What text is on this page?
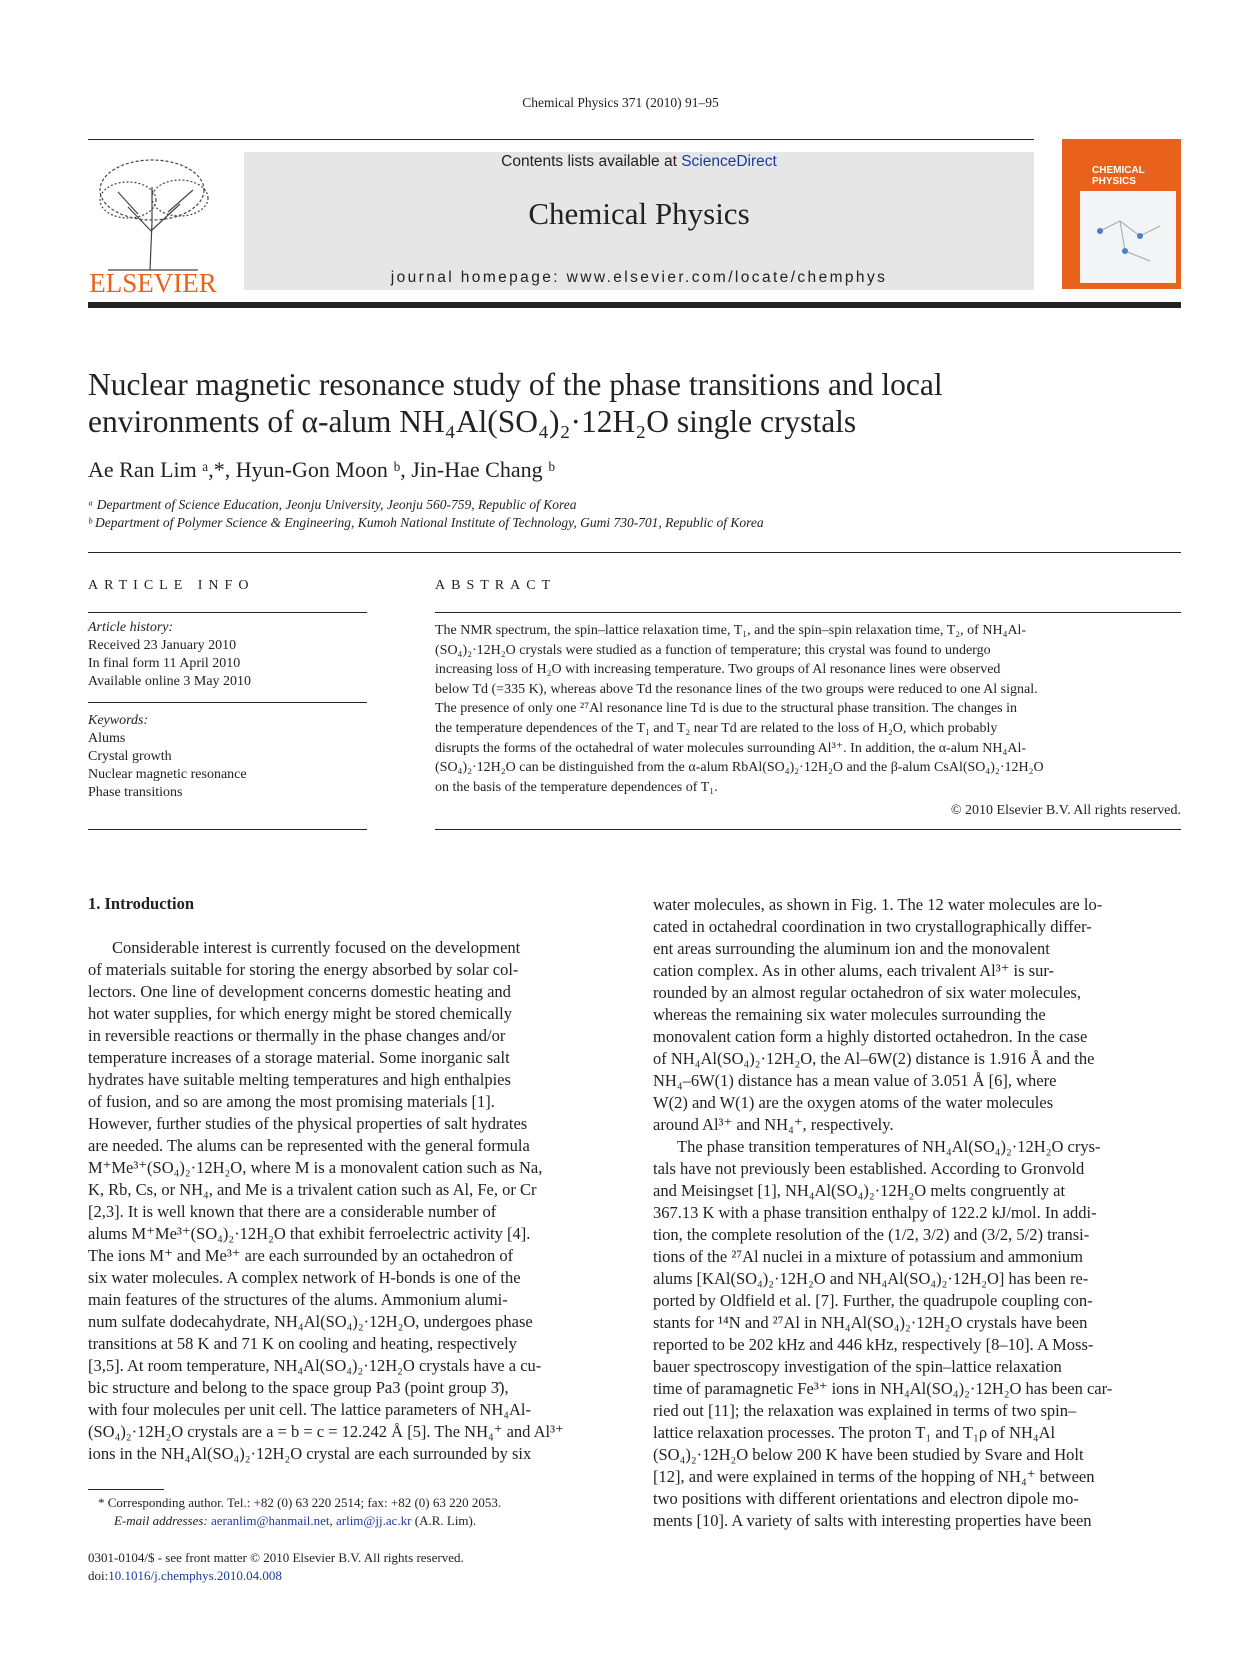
Chemical Physics 371 (2010) 91–95
ELSEVIER
Contents lists available at ScienceDirect
Chemical Physics
journal homepage: www.elsevier.com/locate/chemphys
CHEMICAL PHYSICS
Nuclear magnetic resonance study of the phase transitions and local
environments of α-alum NH₄Al(SO₄)₂·12H₂O single crystals
Ae Ran Lim ᵃ,*, Hyun-Gon Moon ᵇ, Jin-Hae Chang ᵇ
ᵃ Department of Science Education, Jeonju University, Jeonju 560-759, Republic of Korea
ᵇ Department of Polymer Science & Engineering, Kumoh National Institute of Technology, Gumi 730-701, Republic of Korea
ARTICLE INFO
Article history:
Received 23 January 2010
In final form 11 April 2010
Available online 3 May 2010
Keywords:
Alums
Crystal growth
Nuclear magnetic resonance
Phase transitions
ABSTRACT
The NMR spectrum, the spin–lattice relaxation time, T₁, and the spin–spin relaxation time, T₂, of NH₄Al-
(SO₄)₂·12H₂O crystals were studied as a function of temperature; this crystal was found to undergo
increasing loss of H₂O with increasing temperature. Two groups of Al resonance lines were observed
below Td (=335 K), whereas above Td the resonance lines of the two groups were reduced to one Al signal.
The presence of only one ²⁷Al resonance line Td is due to the structural phase transition. The changes in
the temperature dependences of the T₁ and T₂ near Td are related to the loss of H₂O, which probably
disrupts the forms of the octahedral of water molecules surrounding Al³⁺. In addition, the α-alum NH₄Al-
(SO₄)₂·12H₂O can be distinguished from the α-alum RbAl(SO₄)₂·12H₂O and the β-alum CsAl(SO₄)₂·12H₂O
on the basis of the temperature dependences of T₁.
© 2010 Elsevier B.V. All rights reserved.
1. Introduction
Considerable interest is currently focused on the development
of materials suitable for storing the energy absorbed by solar col-
lectors. One line of development concerns domestic heating and
hot water supplies, for which energy might be stored chemically
in reversible reactions or thermally in the phase changes and/or
temperature increases of a storage material. Some inorganic salt
hydrates have suitable melting temperatures and high enthalpies
of fusion, and so are among the most promising materials [1].
However, further studies of the physical properties of salt hydrates
are needed. The alums can be represented with the general formula
M⁺Me³⁺(SO₄)₂·12H₂O, where M is a monovalent cation such as Na,
K, Rb, Cs, or NH₄, and Me is a trivalent cation such as Al, Fe, or Cr
[2,3]. It is well known that there are a considerable number of
alums M⁺Me³⁺(SO₄)₂·12H₂O that exhibit ferroelectric activity [4].
The ions M⁺ and Me³⁺ are each surrounded by an octahedron of
six water molecules. A complex network of H-bonds is one of the
main features of the structures of the alums. Ammonium alumi-
num sulfate dodecahydrate, NH₄Al(SO₄)₂·12H₂O, undergoes phase
transitions at 58 K and 71 K on cooling and heating, respectively
[3,5]. At room temperature, NH₄Al(SO₄)₂·12H₂O crystals have a cu-
bic structure and belong to the space group Pa3 (point group 3̄),
with four molecules per unit cell. The lattice parameters of NH₄Al-
(SO₄)₂·12H₂O crystals are a = b = c = 12.242 Å [5]. The NH₄⁺ and Al³⁺
ions in the NH₄Al(SO₄)₂·12H₂O crystal are each surrounded by six
water molecules, as shown in Fig. 1. The 12 water molecules are lo-
cated in octahedral coordination in two crystallographically differ-
ent areas surrounding the aluminum ion and the monovalent
cation complex. As in other alums, each trivalent Al³⁺ is sur-
rounded by an almost regular octahedron of six water molecules,
whereas the remaining six water molecules surrounding the
monovalent cation form a highly distorted octahedron. In the case
of NH₄Al(SO₄)₂·12H₂O, the Al–6W(2) distance is 1.916 Å and the
NH₄–6W(1) distance has a mean value of 3.051 Å [6], where
W(2) and W(1) are the oxygen atoms of the water molecules
around Al³⁺ and NH₄⁺, respectively.
The phase transition temperatures of NH₄Al(SO₄)₂·12H₂O crys-
tals have not previously been established. According to Gronvold
and Meisingset [1], NH₄Al(SO₄)₂·12H₂O melts congruently at
367.13 K with a phase transition enthalpy of 122.2 kJ/mol. In addi-
tion, the complete resolution of the (1/2, 3/2) and (3/2, 5/2) transi-
tions of the ²⁷Al nuclei in a mixture of potassium and ammonium
alums [KAl(SO₄)₂·12H₂O and NH₄Al(SO₄)₂·12H₂O] has been re-
ported by Oldfield et al. [7]. Further, the quadrupole coupling con-
stants for ¹⁴N and ²⁷Al in NH₄Al(SO₄)₂·12H₂O crystals have been
reported to be 202 kHz and 446 kHz, respectively [8–10]. A Moss-
bauer spectroscopy investigation of the spin–lattice relaxation
time of paramagnetic Fe³⁺ ions in NH₄Al(SO₄)₂·12H₂O has been car-
ried out [11]; the relaxation was explained in terms of two spin–
lattice relaxation processes. The proton T₁ and T₁ρ of NH₄Al
(SO₄)₂·12H₂O below 200 K have been studied by Svare and Holt
[12], and were explained in terms of the hopping of NH₄⁺ between
two positions with different orientations and electron dipole mo-
ments [10]. A variety of salts with interesting properties have been
* Corresponding author. Tel.: +82 (0) 63 220 2514; fax: +82 (0) 63 220 2053.
E-mail addresses: aeranlim@hanmail.net, arlim@jj.ac.kr (A.R. Lim).
0301-0104/$ - see front matter © 2010 Elsevier B.V. All rights reserved.
doi:10.1016/j.chemphys.2010.04.008
